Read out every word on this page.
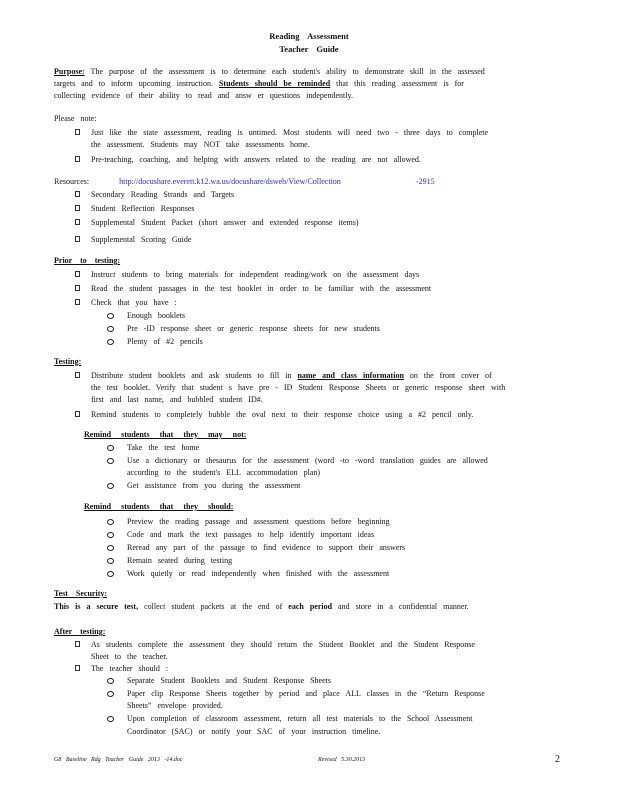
Reading Assessment
Teacher Guide
Purpose: The purpose of the assessment is to determine each student's ability to demonstrate skill in the assessed
targets and to inform upcoming instruction. Students should be reminded that this reading assessment is for
collecting evidence of their ability to read and answ er questions independently.
Please note:
Just like the state assessment, reading is untimed. Most students will need two - three days to complete
the assessment. Students may NOT take assessments home.
Pre-teaching, coaching, and helping with answers related to the reading are not allowed.
Resources:	http://docushare.everett.k12.wa.us/docushare/dsweb/View/Collection	-2915
Secondary Reading Strands and Targets
Student Reflection Responses
Supplemental Student Packet (short answer and extended response items)
Supplemental Scoring Guide
Prior to testing:
Instruct students to bring materials for independent reading/work on the assessment days
Read the student passages in the test booklet in order to be familiar with the assessment
Check that you have :
Enough booklets
Pre -ID response sheet or generic response sheets for new students
Plenty of #2 pencils
Testing:
Distribute student booklets and ask students to fill in name and class information on the front cover of
the test booklet. Verify that student s have pre - ID Student Response Sheets or generic response sheet with
first and last name, and bubbled student ID#.
Remind students to completely bubble the oval next to their response choice using a #2 pencil only.
Remind students that they may not:
Take the test home
Use a dictionary or thesaurus for the assessment (word -to -word translation guides are allowed
according to the student's ELL accommodation plan)
Get assistance from you during the assessment
Remind students that they should:
Preview the reading passage and assessment questions before beginning
Code and mark the text passages to help identify important ideas
Reread any part of the passage to find evidence to support their answers
Remain seated during testing
Work quietly or read independently when finished with the assessment
Test Security:
This is a secure test, collect student packets at the end of each period and store in a confidential manner.
After testing:
As students complete the assessment they should return the Student Booklet and the Student Response
Sheet to the teacher.
The teacher should :
Separate Student Booklets and Student Response Sheets
Paper clip Response Sheets together by period and place ALL classes in the “Return Response
Sheets” envelope provided.
Upon completion of classroom assessment, return all test materials to the School Assessment
Coordinator (SAC) or notify your SAC of your instruction timeline.
G8 Baseline Rdg Teacher Guide 2013 -14.doc	Revised 5.30.2013	2
